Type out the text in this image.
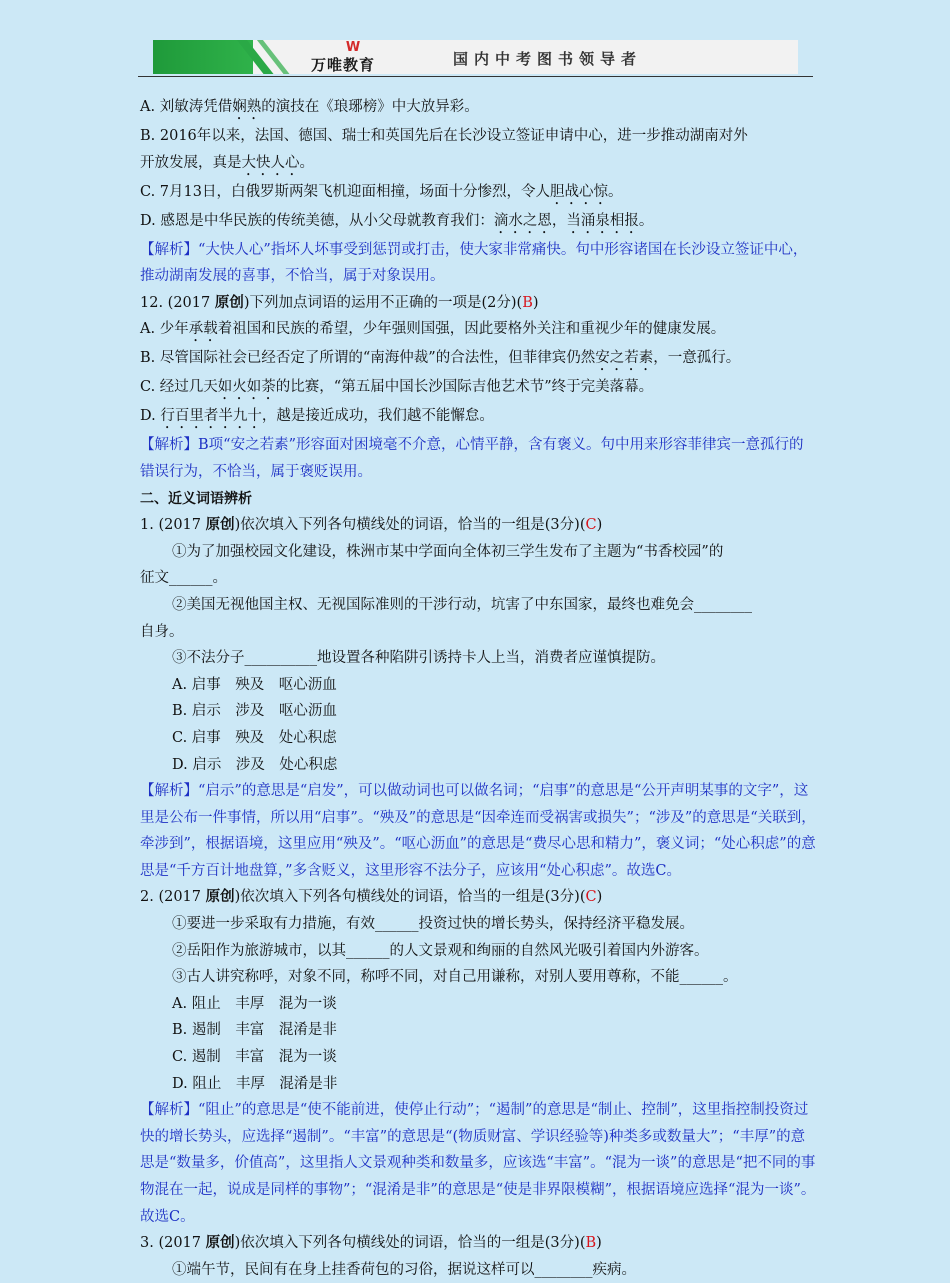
W
万唯教育	国内中考图书领导者

A. 刘敏涛凭借娴熟的演技在《琅琊榜》中大放异彩。

B. 2016年以来，法国、德国、瑞士和英国先后在长沙设立签证申请中心，进一步推动湖南对外
开放发展，真是大快人心。

C. 7月13日，白俄罗斯两架飞机迎面相撞，场面十分惨烈，令人胆战心惊。

D. 感恩是中华民族的传统美德，从小父母就教育我们：滴水之恩，当涌泉相报。

【解析】“大快人心”指坏人坏事受到惩罚或打击，使大家非常痛快。句中形容诸国在长沙设立签证中心，推动湖南发展的喜事，不恰当，属于对象误用。

12. (2017 原创)下列加点词语的运用不正确的一项是(2分)(B)

A. 少年承载着祖国和民族的希望，少年强则国强，因此要格外关注和重视少年的健康发展。

B. 尽管国际社会已经否定了所谓的“南海仲裁”的合法性，但菲律宾仍然安之若素，一意孤行。

C. 经过几天如火如荼的比赛，“第五届中国长沙国际吉他艺术节”终于完美落幕。

D. 行百里者半九十，越是接近成功，我们越不能懈怠。

【解析】B项“安之若素”形容面对困境毫不介意，心情平静，含有褒义。句中用来形容菲律宾一意孤行的错误行为，不恰当，属于褒贬误用。

二、近义词语辨析

1. (2017 原创)依次填入下列各句横线处的词语，恰当的一组是(3分)(C)

①为了加强校园文化建设，株洲市某中学面向全体初三学生发布了主题为“书香校园”的

征文______。

②美国无视他国主权、无视国际准则的干涉行动，坑害了中东国家，最终也难免会________

自身。

③不法分子__________地设置各种陷阱引诱持卡人上当，消费者应谨慎提防。

A. 启事　殃及　呕心沥血

B. 启示　涉及　呕心沥血

C. 启事　殃及　处心积虑

D. 启示　涉及　处心积虑

【解析】“启示”的意思是“启发”，可以做动词也可以做名词；“启事”的意思是“公开声明某事的文字”，这里是公布一件事情，所以用“启事”。“殃及”的意思是“因牵连而受祸害或损失”；“涉及”的意思是“关联到，牵涉到”，根据语境，这里应用“殃及”。“呕心沥血”的意思是“费尽心思和精力”，褒义词；“处心积虑”的意思是“千方百计地盘算，”多含贬义，这里形容不法分子，应该用“处心积虑”。故选C。

2. (2017 原创)依次填入下列各句横线处的词语，恰当的一组是(3分)(C)

①要进一步采取有力措施，有效______投资过快的增长势头，保持经济平稳发展。

②岳阳作为旅游城市，以其______的人文景观和绚丽的自然风光吸引着国内外游客。

③古人讲究称呼，对象不同，称呼不同，对自己用谦称，对别人要用尊称，不能______。

A. 阻止　丰厚　混为一谈

B. 遏制　丰富　混淆是非

C. 遏制　丰富　混为一谈

D. 阻止　丰厚　混淆是非

【解析】“阻止”的意思是“使不能前进，使停止行动”；“遏制”的意思是“制止、控制”，这里指控制投资过快的增长势头，应选择“遏制”。“丰富”的意思是“(物质财富、学识经验等)种类多或数量大”；“丰厚”的意思是“数量多，价值高”，这里指人文景观种类和数量多，应该选“丰富”。“混为一谈”的意思是“把不同的事物混在一起，说成是同样的事物”；“混淆是非”的意思是“使是非界限模糊”，根据语境应选择“混为一谈”。故选C。

3. (2017 原创)依次填入下列各句横线处的词语，恰当的一组是(3分)(B)

①端午节，民间有在身上挂香荷包的习俗，据说这样可以________疾病。
